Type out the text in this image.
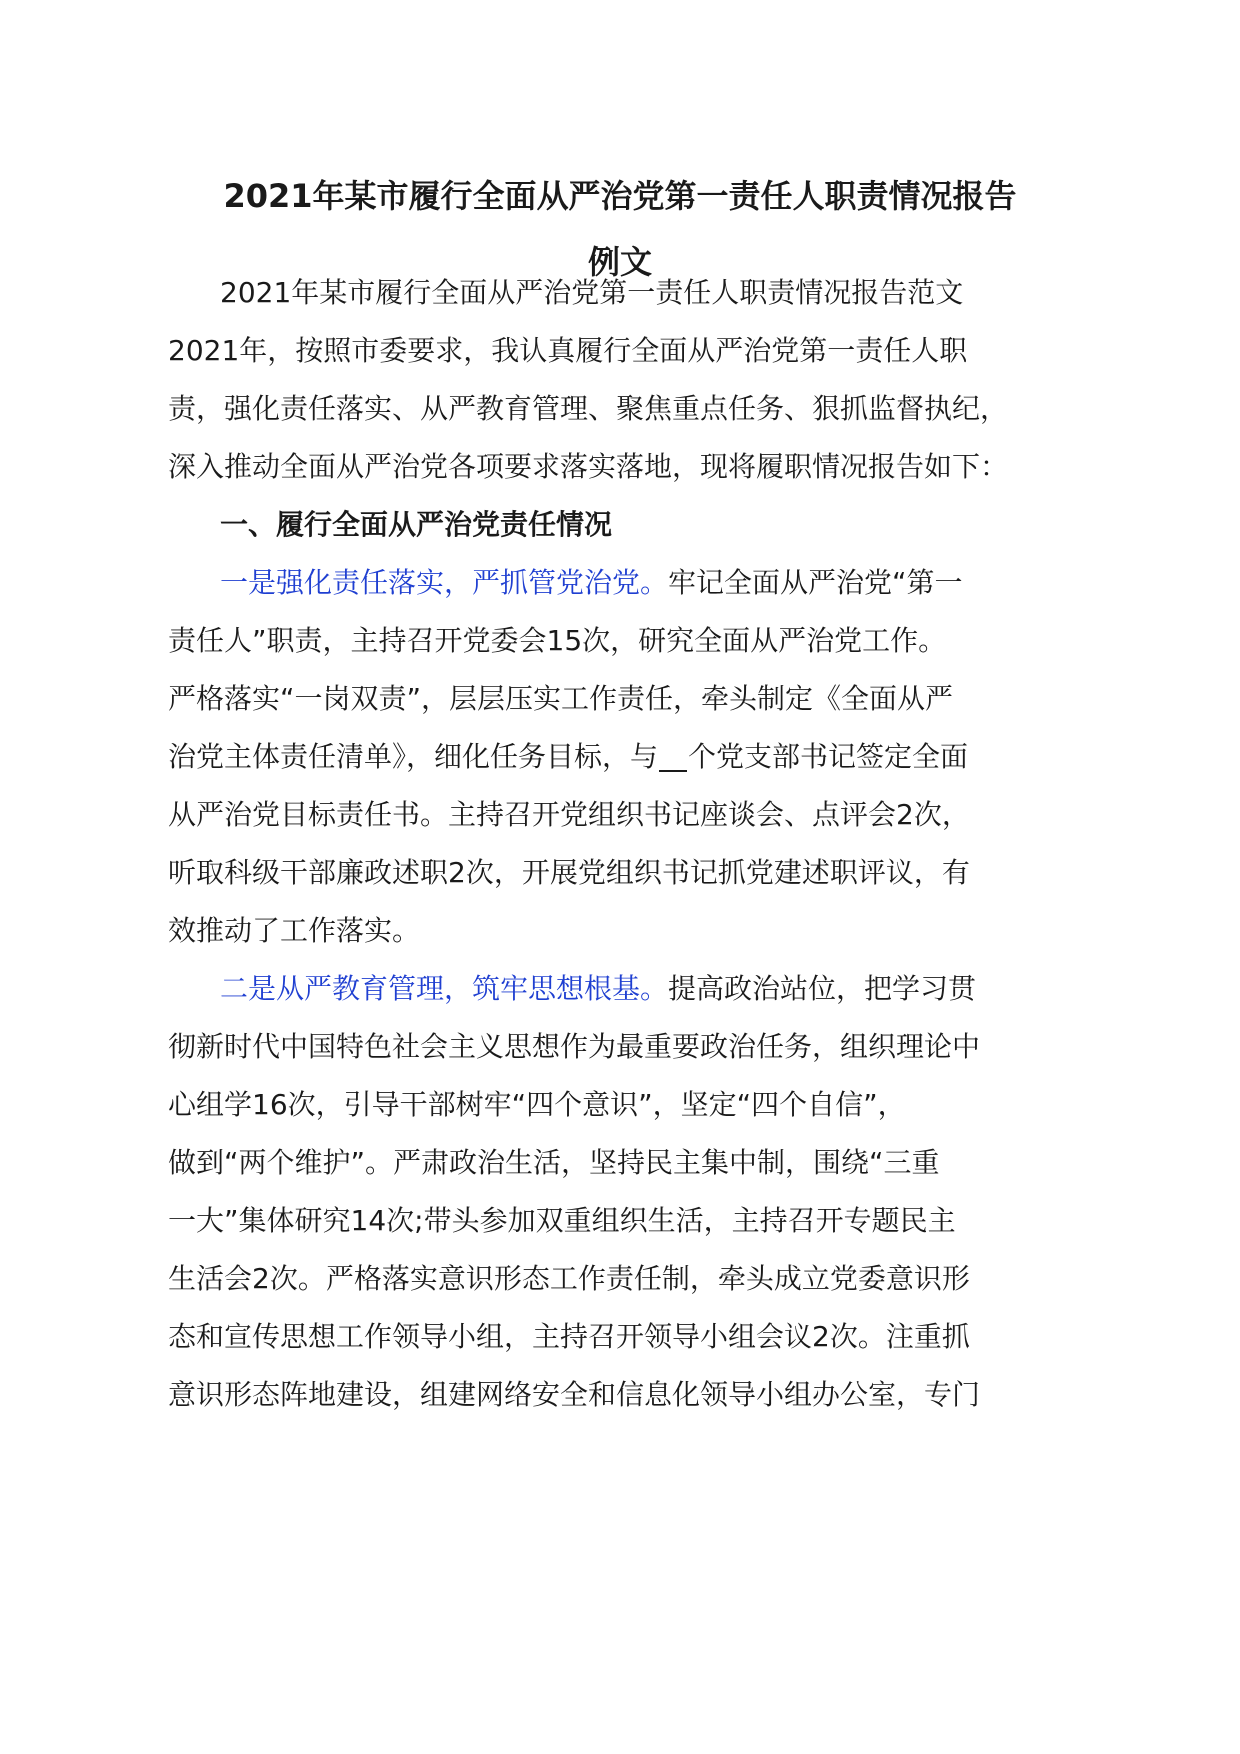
2021年某市履行全面从严治党第一责任人职责情况报告
例文
2021年某市履行全面从严治党第一责任人职责情况报告范文
2021年，按照市委要求，我认真履行全面从严治党第一责任人职
责，强化责任落实、从严教育管理、聚焦重点任务、狠抓监督执纪，
深入推动全面从严治党各项要求落实落地，现将履职情况报告如下：
一、履行全面从严治党责任情况
一是强化责任落实，严抓管党治党。牢记全面从严治党“第一
责任人”职责，主持召开党委会15次，研究全面从严治党工作。
严格落实“一岗双责”，层层压实工作责任，牵头制定《全面从严
治党主体责任清单》，细化任务目标，与 个党支部书记签定全面
从严治党目标责任书。主持召开党组织书记座谈会、点评会2次，
听取科级干部廉政述职2次，开展党组织书记抓党建述职评议，有
效推动了工作落实。
二是从严教育管理，筑牢思想根基。提高政治站位，把学习贯
彻新时代中国特色社会主义思想作为最重要政治任务，组织理论中
心组学16次，引导干部树牢“四个意识”，坚定“四个自信”，
做到“两个维护”。严肃政治生活，坚持民主集中制，围绕“三重
一大”集体研究14次;带头参加双重组织生活，主持召开专题民主
生活会2次。严格落实意识形态工作责任制，牵头成立党委意识形
态和宣传思想工作领导小组，主持召开领导小组会议2次。注重抓
意识形态阵地建设，组建网络安全和信息化领导小组办公室，专门
